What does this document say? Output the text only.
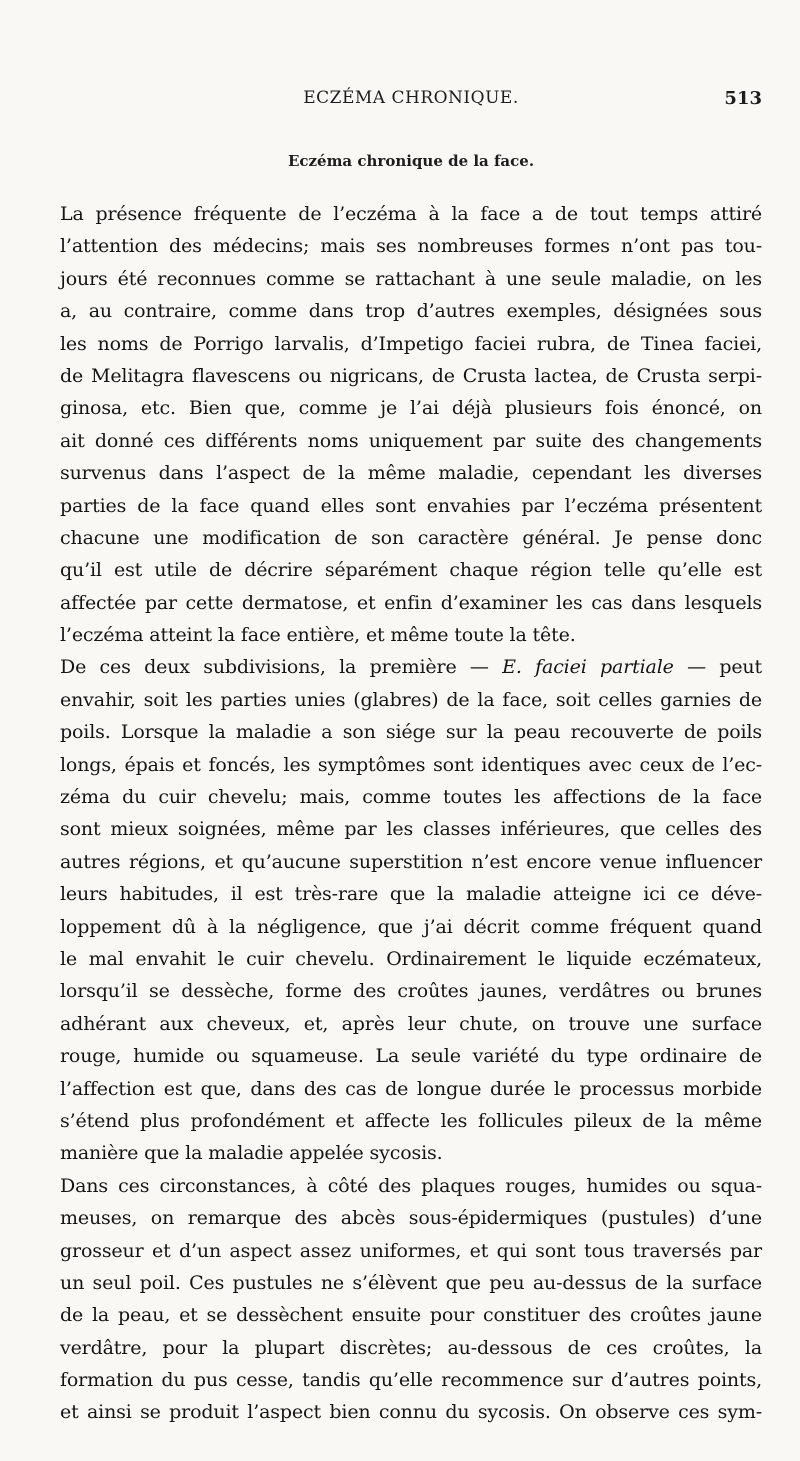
ECZÉMA CHRONIQUE.	513
Eczéma chronique de la face.
La présence fréquente de l’eczéma à la face a de tout temps attiré
l’attention des médecins; mais ses nombreuses formes n’ont pas tou-
jours été reconnues comme se rattachant à une seule maladie, on les
a, au contraire, comme dans trop d’autres exemples, désignées sous
les noms de Porrigo larvalis, d’Impetigo faciei rubra, de Tinea faciei,
de Melitagra flavescens ou nigricans, de Crusta lactea, de Crusta serpi-
ginosa, etc. Bien que, comme je l’ai déjà plusieurs fois énoncé, on
ait donné ces différents noms uniquement par suite des changements
survenus dans l’aspect de la même maladie, cependant les diverses
parties de la face quand elles sont envahies par l’eczéma présentent
chacune une modification de son caractère général. Je pense donc
qu’il est utile de décrire séparément chaque région telle qu’elle est
affectée par cette dermatose, et enfin d’examiner les cas dans lesquels
l’eczéma atteint la face entière, et même toute la tête.
De ces deux subdivisions, la première — E. faciei partiale — peut
envahir, soit les parties unies (glabres) de la face, soit celles garnies de
poils. Lorsque la maladie a son siége sur la peau recouverte de poils
longs, épais et foncés, les symptômes sont identiques avec ceux de l’ec-
zéma du cuir chevelu; mais, comme toutes les affections de la face
sont mieux soignées, même par les classes inférieures, que celles des
autres régions, et qu’aucune superstition n’est encore venue influencer
leurs habitudes, il est très-rare que la maladie atteigne ici ce déve-
loppement dû à la négligence, que j’ai décrit comme fréquent quand
le mal envahit le cuir chevelu. Ordinairement le liquide eczémateux,
lorsqu’il se dessèche, forme des croûtes jaunes, verdâtres ou brunes
adhérant aux cheveux, et, après leur chute, on trouve une surface
rouge, humide ou squameuse. La seule variété du type ordinaire de
l’affection est que, dans des cas de longue durée le processus morbide
s’étend plus profondément et affecte les follicules pileux de la même
manière que la maladie appelée sycosis.
Dans ces circonstances, à côté des plaques rouges, humides ou squa-
meuses, on remarque des abcès sous-épidermiques (pustules) d’une
grosseur et d’un aspect assez uniformes, et qui sont tous traversés par
un seul poil. Ces pustules ne s’élèvent que peu au-dessus de la surface
de la peau, et se dessèchent ensuite pour constituer des croûtes jaune
verdâtre, pour la plupart discrètes; au-dessous de ces croûtes, la
formation du pus cesse, tandis qu’elle recommence sur d’autres points,
et ainsi se produit l’aspect bien connu du sycosis. On observe ces sym-
